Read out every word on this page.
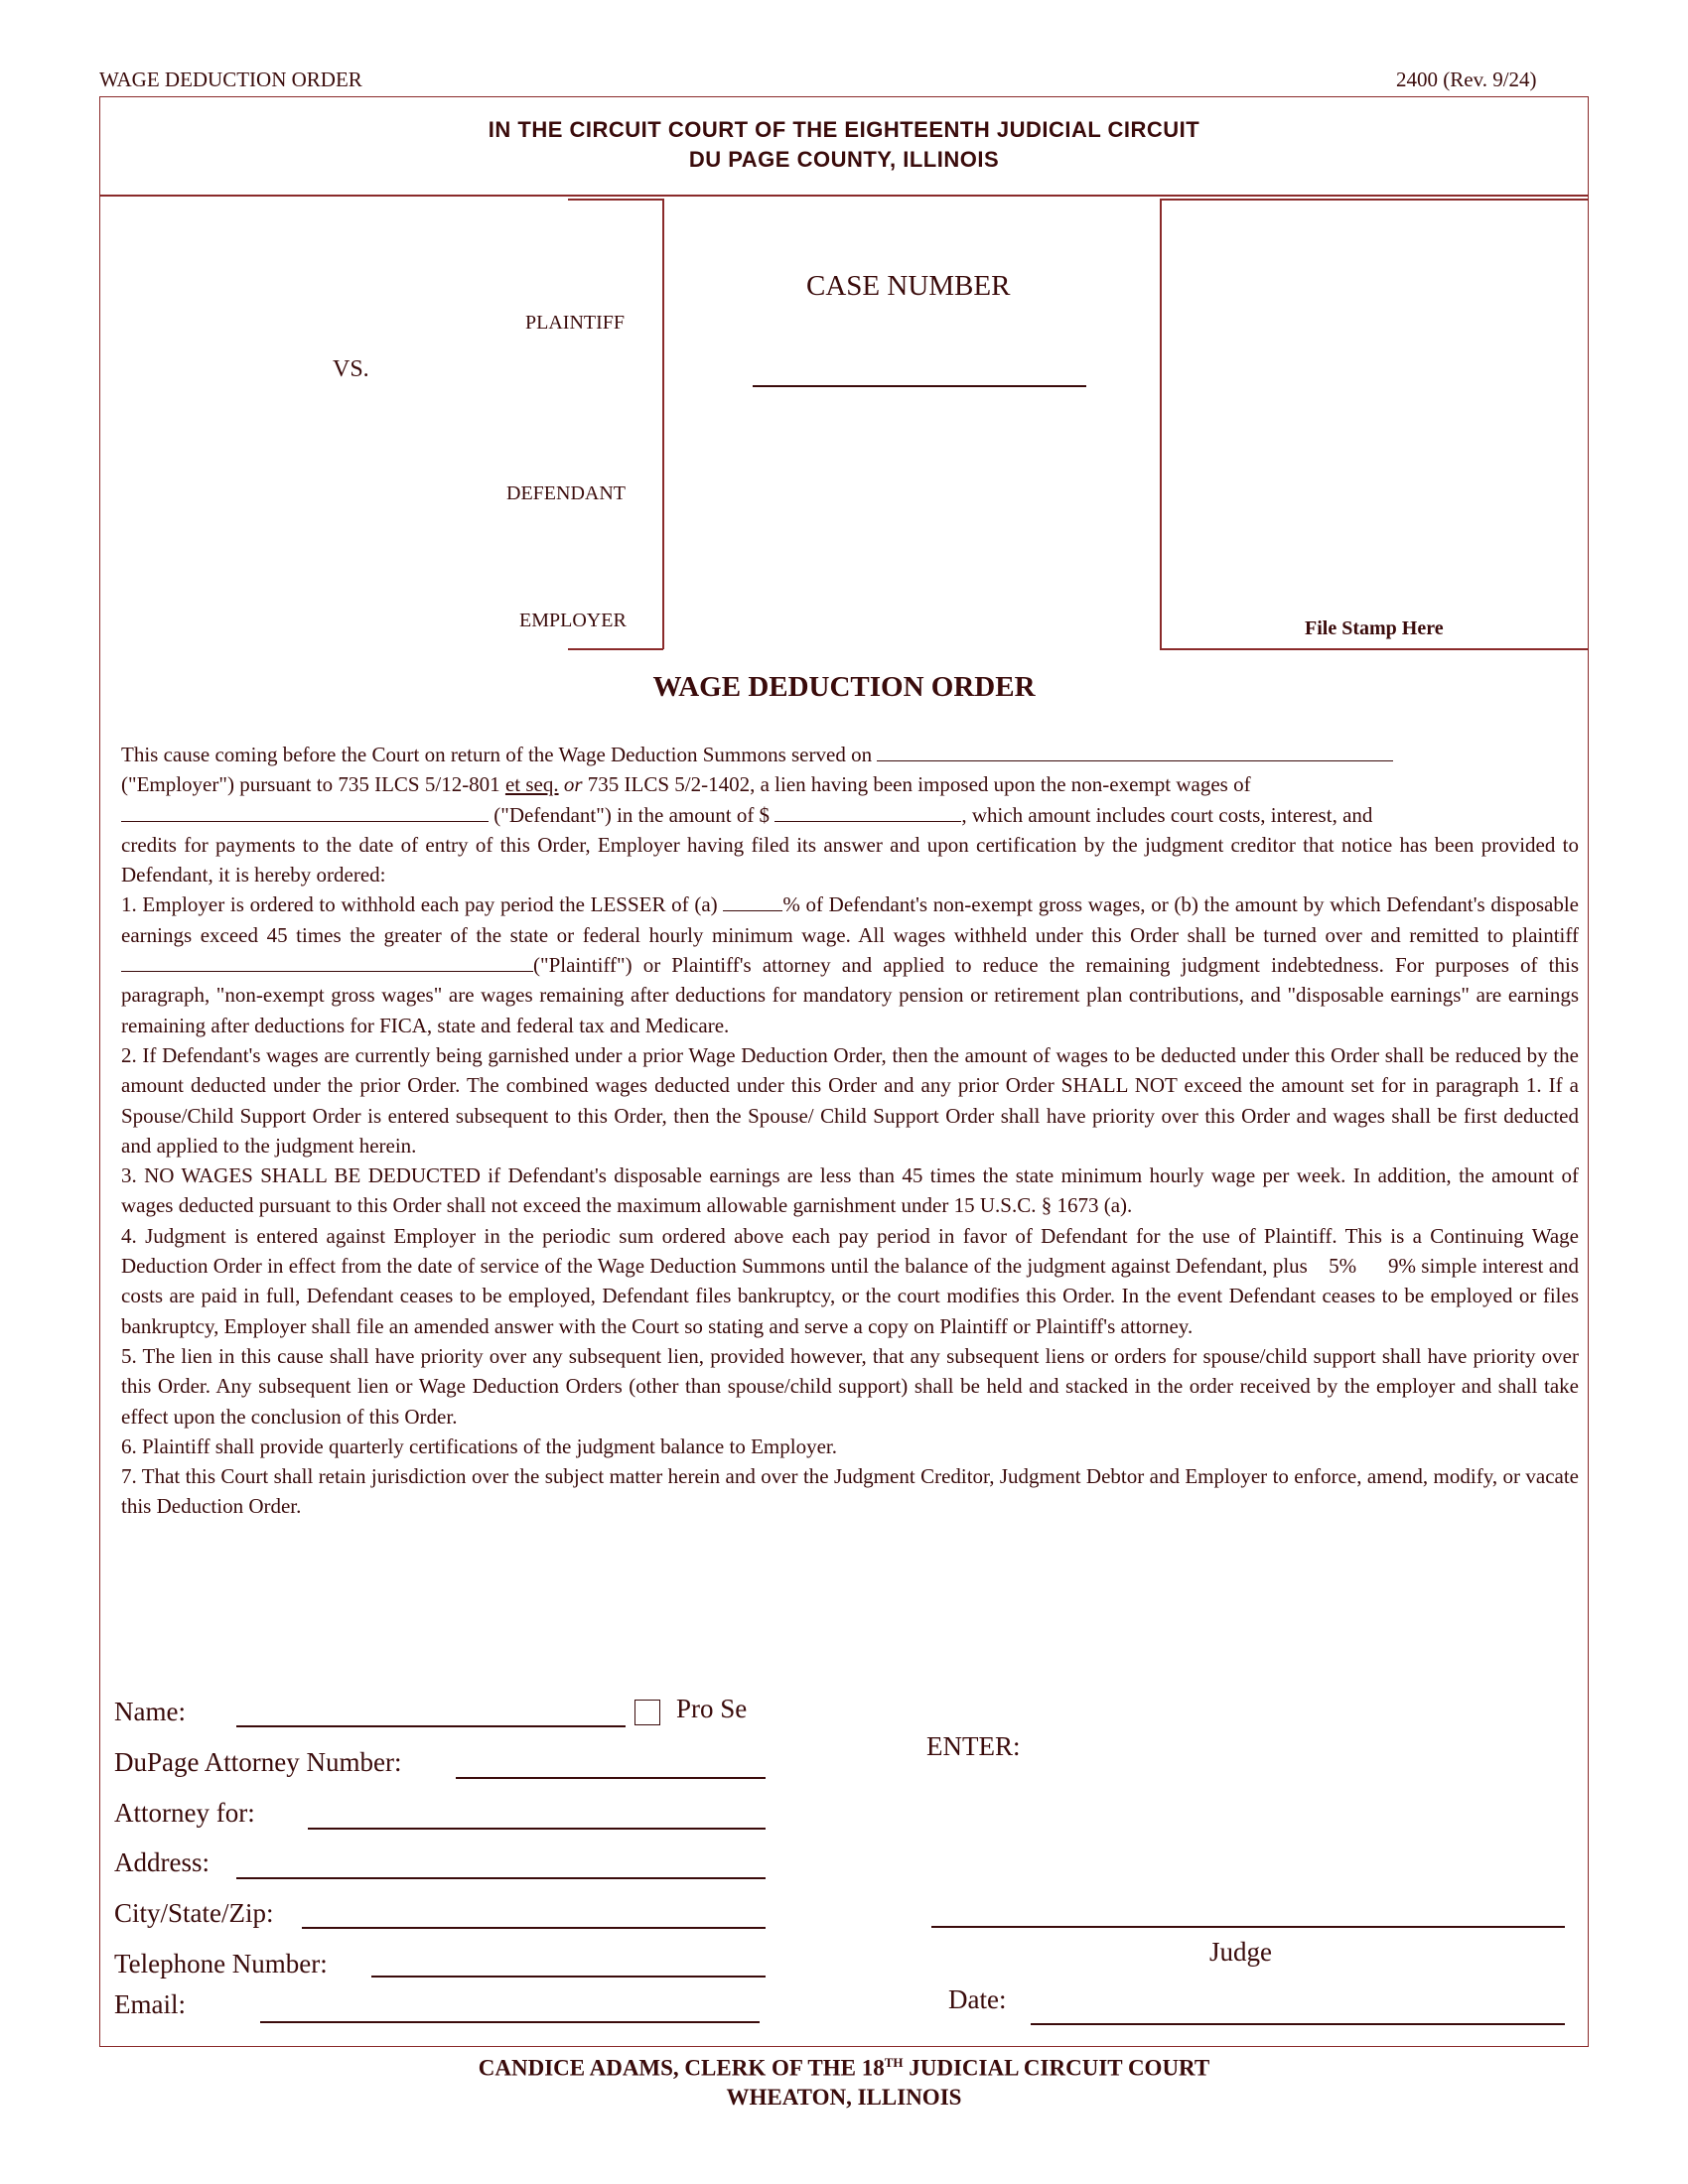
WAGE DEDUCTION ORDER	2400 (Rev. 9/24)
IN THE CIRCUIT COURT OF THE EIGHTEENTH JUDICIAL CIRCUIT
DU PAGE COUNTY, ILLINOIS
PLAINTIFF
VS.
DEFENDANT
EMPLOYER
CASE NUMBER
File Stamp Here
WAGE DEDUCTION ORDER

This cause coming before the Court on return of the Wage Deduction Summons served on
("Employer") pursuant to 735 ILCS 5/12-801 et seq. or 735 ILCS 5/2-1402, a lien having been imposed upon the non-exempt wages of
("Defendant") in the amount of $	, which amount includes court costs, interest, and
credits for payments to the date of entry of this Order, Employer having filed its answer and upon certification by the judgment creditor that notice has been provided to Defendant, it is hereby ordered:

1. Employer is ordered to withhold each pay period the LESSER of (a)	% of Defendant's non-exempt gross wages, or (b) the amount by which Defendant's disposable earnings exceed 45 times the greater of the state or federal hourly minimum wage. All wages withheld under this Order shall be turned over and remitted to plaintiff ("Plaintiff") or Plaintiff's attorney and applied to reduce the remaining judgment indebtedness. For purposes of this paragraph, "non-exempt gross wages" are wages remaining after deductions for mandatory pension or retirement plan contributions, and "disposable earnings" are earnings remaining after deductions for FICA, state and federal tax and Medicare.

2. If Defendant's wages are currently being garnished under a prior Wage Deduction Order, then the amount of wages to be deducted under this Order shall be reduced by the amount deducted under the prior Order. The combined wages deducted under this Order and any prior Order SHALL NOT exceed the amount set for in paragraph 1. If a Spouse/Child Support Order is entered subsequent to this Order, then the Spouse/ Child Support Order shall have priority over this Order and wages shall be first deducted and applied to the judgment herein.

3. NO WAGES SHALL BE DEDUCTED if Defendant's disposable earnings are less than 45 times the state minimum hourly wage per week. In addition, the amount of wages deducted pursuant to this Order shall not exceed the maximum allowable garnishment under 15 U.S.C. § 1673 (a).

4. Judgment is entered against Employer in the periodic sum ordered above each pay period in favor of Defendant for the use of Plaintiff. This is a Continuing Wage Deduction Order in effect from the date of service of the Wage Deduction Summons until the balance of the judgment against Defendant, plus    5% 9% simple interest and costs are paid in full, Defendant ceases to be employed, Defendant files bankruptcy, or the court modifies this Order. In the event Defendant ceases to be employed or files bankruptcy, Employer shall file an amended answer with the Court so stating and serve a copy on Plaintiff or Plaintiff's attorney.

5. The lien in this cause shall have priority over any subsequent lien, provided however, that any subsequent liens or orders for spouse/child support shall have priority over this Order. Any subsequent lien or Wage Deduction Orders (other than spouse/child support) shall be held and stacked in the order received by the employer and shall take effect upon the conclusion of this Order.

6. Plaintiff shall provide quarterly certifications of the judgment balance to Employer.

7. That this Court shall retain jurisdiction over the subject matter herein and over the Judgment Creditor, Judgment Debtor and Employer to enforce, amend, modify, or vacate this Deduction Order.

Name:	Pro Se
DuPage Attorney Number:
Attorney for:
Address:
City/State/Zip:
Telephone Number:
Email:
ENTER:
Judge
Date:
CANDICE ADAMS, CLERK OF THE 18TH JUDICIAL CIRCUIT COURT
WHEATON, ILLINOIS
